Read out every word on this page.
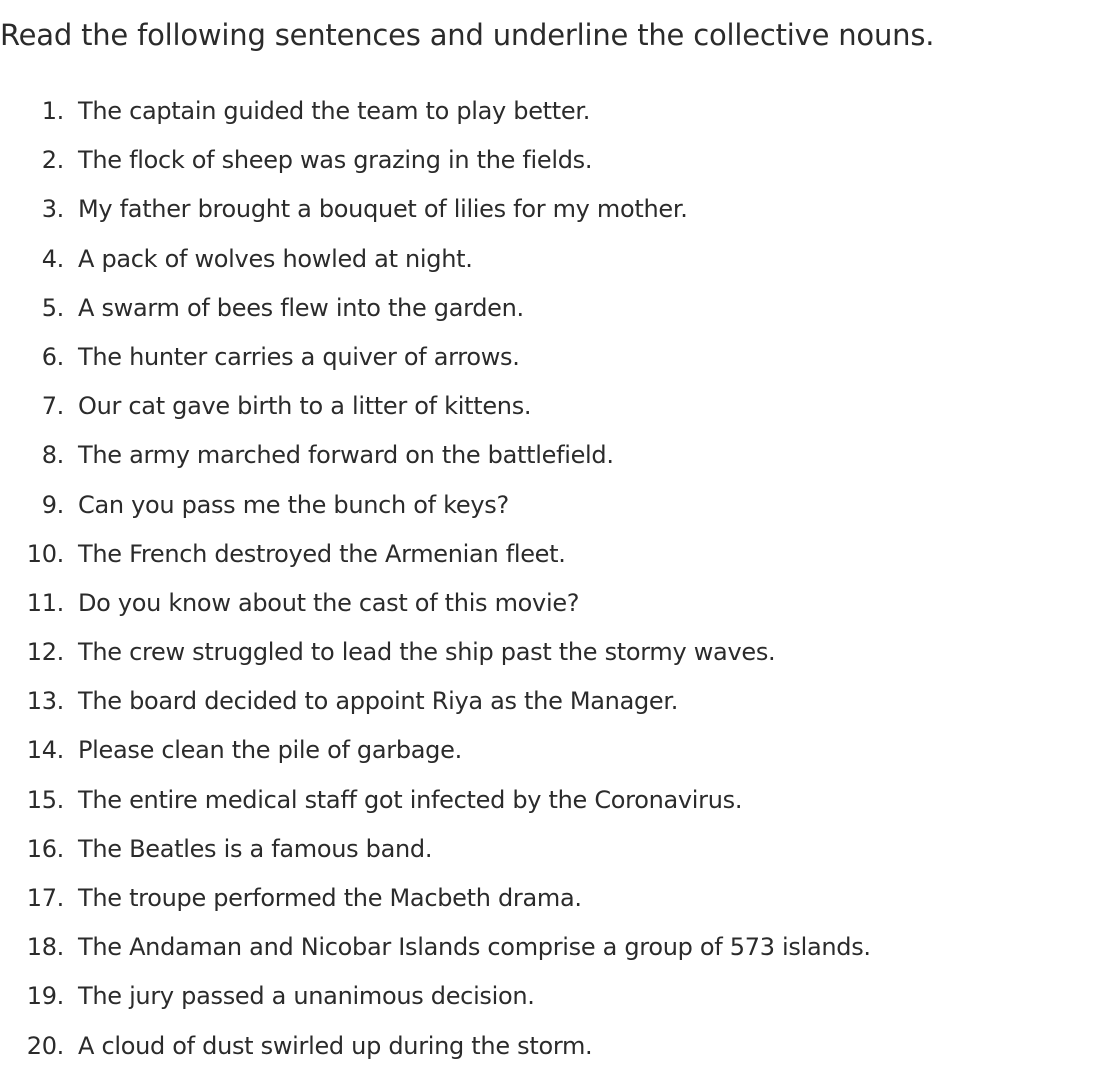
Read the following sentences and underline the collective nouns.
1. The captain guided the team to play better.
2. The flock of sheep was grazing in the fields.
3. My father brought a bouquet of lilies for my mother.
4. A pack of wolves howled at night.
5. A swarm of bees flew into the garden.
6. The hunter carries a quiver of arrows.
7. Our cat gave birth to a litter of kittens.
8. The army marched forward on the battlefield.
9. Can you pass me the bunch of keys?
10. The French destroyed the Armenian fleet.
11. Do you know about the cast of this movie?
12. The crew struggled to lead the ship past the stormy waves.
13. The board decided to appoint Riya as the Manager.
14. Please clean the pile of garbage.
15. The entire medical staff got infected by the Coronavirus.
16. The Beatles is a famous band.
17. The troupe performed the Macbeth drama.
18. The Andaman and Nicobar Islands comprise a group of 573 islands.
19. The jury passed a unanimous decision.
20. A cloud of dust swirled up during the storm.
